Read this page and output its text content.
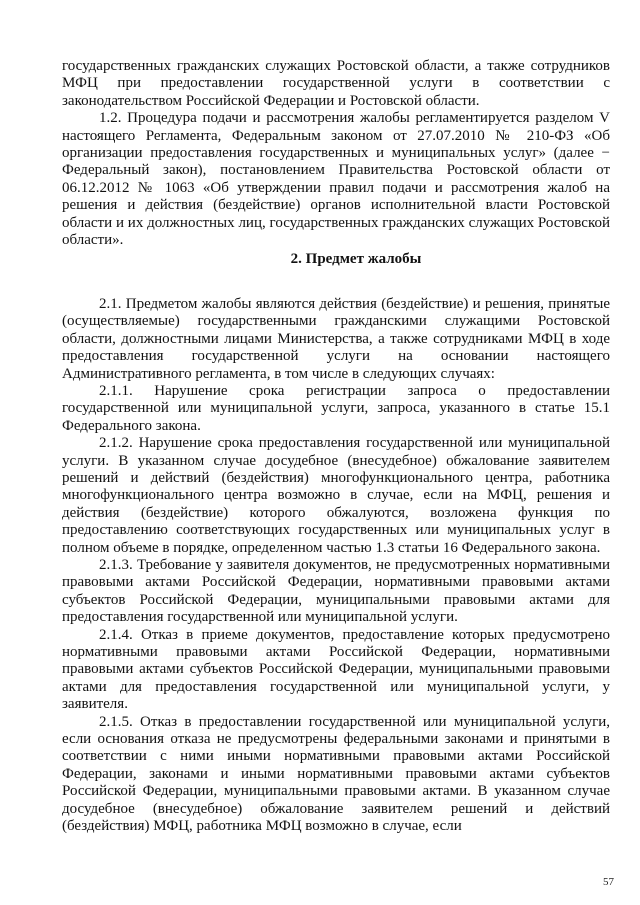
государственных гражданских служащих Ростовской области, а также сотрудников МФЦ при предоставлении государственной услуги в соответствии с законодательством Российской Федерации и Ростовской области.

1.2. Процедура подачи и рассмотрения жалобы регламентируется разделом V настоящего Регламента, Федеральным законом от 27.07.2010 № 210-ФЗ «Об организации предоставления государственных и муниципальных услуг» (далее − Федеральный закон), постановлением Правительства Ростовской области от 06.12.2012 № 1063 «Об утверждении правил подачи и рассмотрения жалоб на решения и действия (бездействие) органов исполнительной власти Ростовской области и их должностных лиц, государственных гражданских служащих Ростовской области».

2. Предмет жалобы

2.1. Предметом жалобы являются действия (бездействие) и решения, принятые (осуществляемые) государственными гражданскими служащими Ростовской области, должностными лицами Министерства, а также сотрудниками МФЦ в ходе предоставления государственной услуги на основании настоящего Административного регламента, в том числе в следующих случаях:

2.1.1. Нарушение срока регистрации запроса о предоставлении государственной или муниципальной услуги, запроса, указанного в статье 15.1 Федерального закона.

2.1.2. Нарушение срока предоставления государственной или муниципальной услуги. В указанном случае досудебное (внесудебное) обжалование заявителем решений и действий (бездействия) многофункционального центра, работника многофункционального центра возможно в случае, если на МФЦ, решения и действия (бездействие) которого обжалуются, возложена функция по предоставлению соответствующих государственных или муниципальных услуг в полном объеме в порядке, определенном частью 1.3 статьи 16 Федерального закона.

2.1.3. Требование у заявителя документов, не предусмотренных нормативными правовыми актами Российской Федерации, нормативными правовыми актами субъектов Российской Федерации, муниципальными правовыми актами для предоставления государственной или муниципальной услуги.

2.1.4. Отказ в приеме документов, предоставление которых предусмотрено нормативными правовыми актами Российской Федерации, нормативными правовыми актами субъектов Российской Федерации, муниципальными правовыми актами для предоставления государственной или муниципальной услуги, у заявителя.

2.1.5. Отказ в предоставлении государственной или муниципальной услуги, если основания отказа не предусмотрены федеральными законами и принятыми в соответствии с ними иными нормативными правовыми актами Российской Федерации, законами и иными нормативными правовыми актами субъектов Российской Федерации, муниципальными правовыми актами. В указанном случае досудебное (внесудебное) обжалование заявителем решений и действий (бездействия) МФЦ, работника МФЦ возможно в случае, если

57
